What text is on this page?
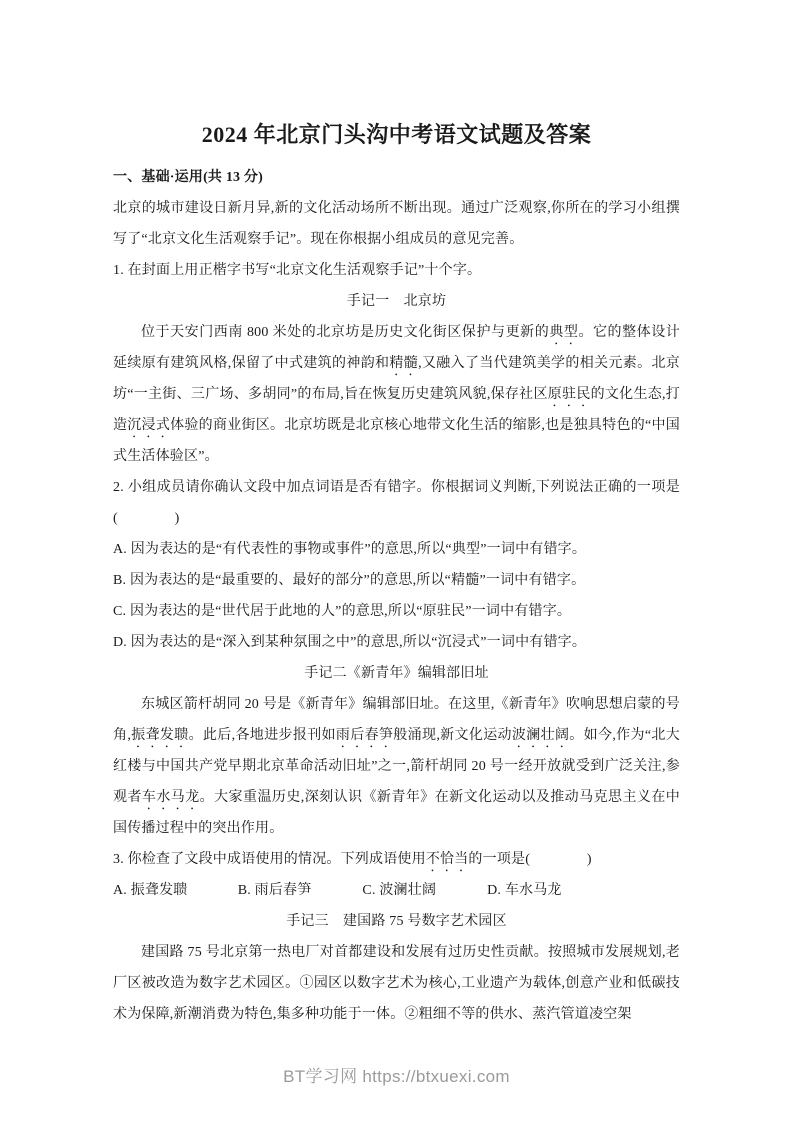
2024 年北京门头沟中考语文试题及答案
一、基础·运用(共 13 分)

北京的城市建设日新月异,新的文化活动场所不断出现。通过广泛观察,你所在的学习小组撰写了“北京文化生活观察手记”。现在你根据小组成员的意见完善。

1. 在封面上用正楷字书写“北京文化生活观察手记”十个字。

手记一　北京坊

位于天安门西南 800 米处的北京坊是历史文化街区保护与更新的典型。它的整体设计延续原有建筑风格,保留了中式建筑的神韵和精髓,又融入了当代建筑美学的相关元素。北京坊“一主街、三广场、多胡同”的布局,旨在恢复历史建筑风貌,保存社区原驻民的文化生态,打造沉浸式体验的商业街区。北京坊既是北京核心地带文化生活的缩影,也是独具特色的“中国式生活体验区”。

2. 小组成员请你确认文段中加点词语是否有错字。你根据词义判断,下列说法正确的一项是(　　　　)

A. 因为表达的是“有代表性的事物或事件”的意思,所以“典型”一词中有错字。

B. 因为表达的是“最重要的、最好的部分”的意思,所以“精髓”一词中有错字。

C. 因为表达的是“世代居于此地的人”的意思,所以“原驻民”一词中有错字。

D. 因为表达的是“深入到某种氛围之中”的意思,所以“沉浸式”一词中有错字。

手记二《新青年》编辑部旧址

东城区箭杆胡同 20 号是《新青年》编辑部旧址。在这里,《新青年》吹响思想启蒙的号角,振聋发聩。此后,各地进步报刊如雨后春笋般涌现,新文化运动波澜壮阔。如今,作为“北大红楼与中国共产党早期北京革命活动旧址”之一,箭杆胡同 20 号一经开放就受到广泛关注,参观者车水马龙。大家重温历史,深刻认识《新青年》在新文化运动以及推动马克思主义在中国传播过程中的突出作用。

3. 你检查了文段中成语使用的情况。下列成语使用不恰当的一项是(　　　　)

A. 振聋发聩	B. 雨后春笋	C. 波澜壮阔	D. 车水马龙
手记三　建国路 75 号数字艺术园区

建国路 75 号北京第一热电厂对首都建设和发展有过历史性贡献。按照城市发展规划,老厂区被改造为数字艺术园区。①园区以数字艺术为核心,工业遗产为载体,创意产业和低碳技术为保障,新潮消费为特色,集多种功能于一体。②粗细不等的供水、蒸汽管道凌空架

BT学习网 https://btxuexi.com
